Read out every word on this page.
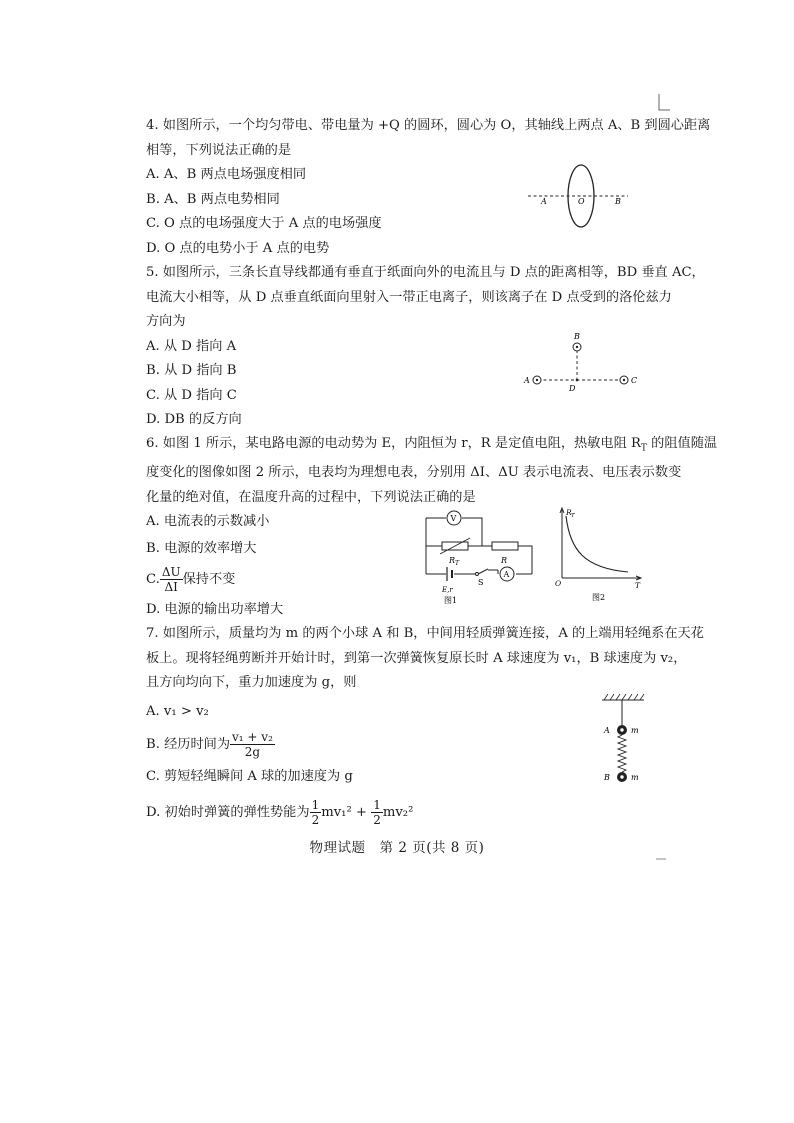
4. 如图所示，一个均匀带电、带电量为 +Q 的圆环，圆心为 O，其轴线上两点 A、B 到圆心距离
相等，下列说法正确的是
A. A、B 两点电场强度相同
B. A、B 两点电势相同
C. O 点的电场强度大于 A 点的电场强度
D. O 点的电势小于 A 点的电势
A	O	B
5. 如图所示，三条长直导线都通有垂直于纸面向外的电流且与 D 点的距离相等，BD 垂直 AC，
电流大小相等，从 D 点垂直纸面向里射入一带正电离子，则该离子在 D 点受到的洛伦兹力
方向为
A. 从 D 指向 A
B. 从 D 指向 B
C. 从 D 指向 C
D. DB 的反方向
B
A	C
D
6. 如图 1 所示，某电路电源的电动势为 E，内阻恒为 r，R 是定值电阻，热敏电阻 $R_T$ 的阻值随温
度变化的图像如图 2 所示，电表均为理想电表，分别用 ΔI、ΔU 表示电流表、电压表示数变
化量的绝对值，在温度升高的过程中，下列说法正确的是
A. 电流表的示数减小
B. 电源的效率增大
C. $\frac{\Delta U}{\Delta I}$ 保持不变
D. 电源的输出功率增大
V
R T	R
E,r
S
A
图1
R T
T
O
图2
7. 如图所示，质量均为 m 的两个小球 A 和 B，中间用轻质弹簧连接，A 的上端用轻绳系在天花
板上。现将轻绳剪断并开始计时，到第一次弹簧恢复原长时 A 球速度为 v₁，B 球速度为 v₂，
且方向均向下，重力加速度为 g，则
A. v₁ > v₂
B. 经历时间为 $\frac{\text{v₁ + v₂}}{2g}$
C. 剪短轻绳瞬间 A 球的加速度为 g
D. 初始时弹簧的弹性势能为 $\frac{1}{2} mv_1^2 + \frac{1}{2} mv_2^2$
A	m
B	m
物理试题　第 2 页(共 8 页)
